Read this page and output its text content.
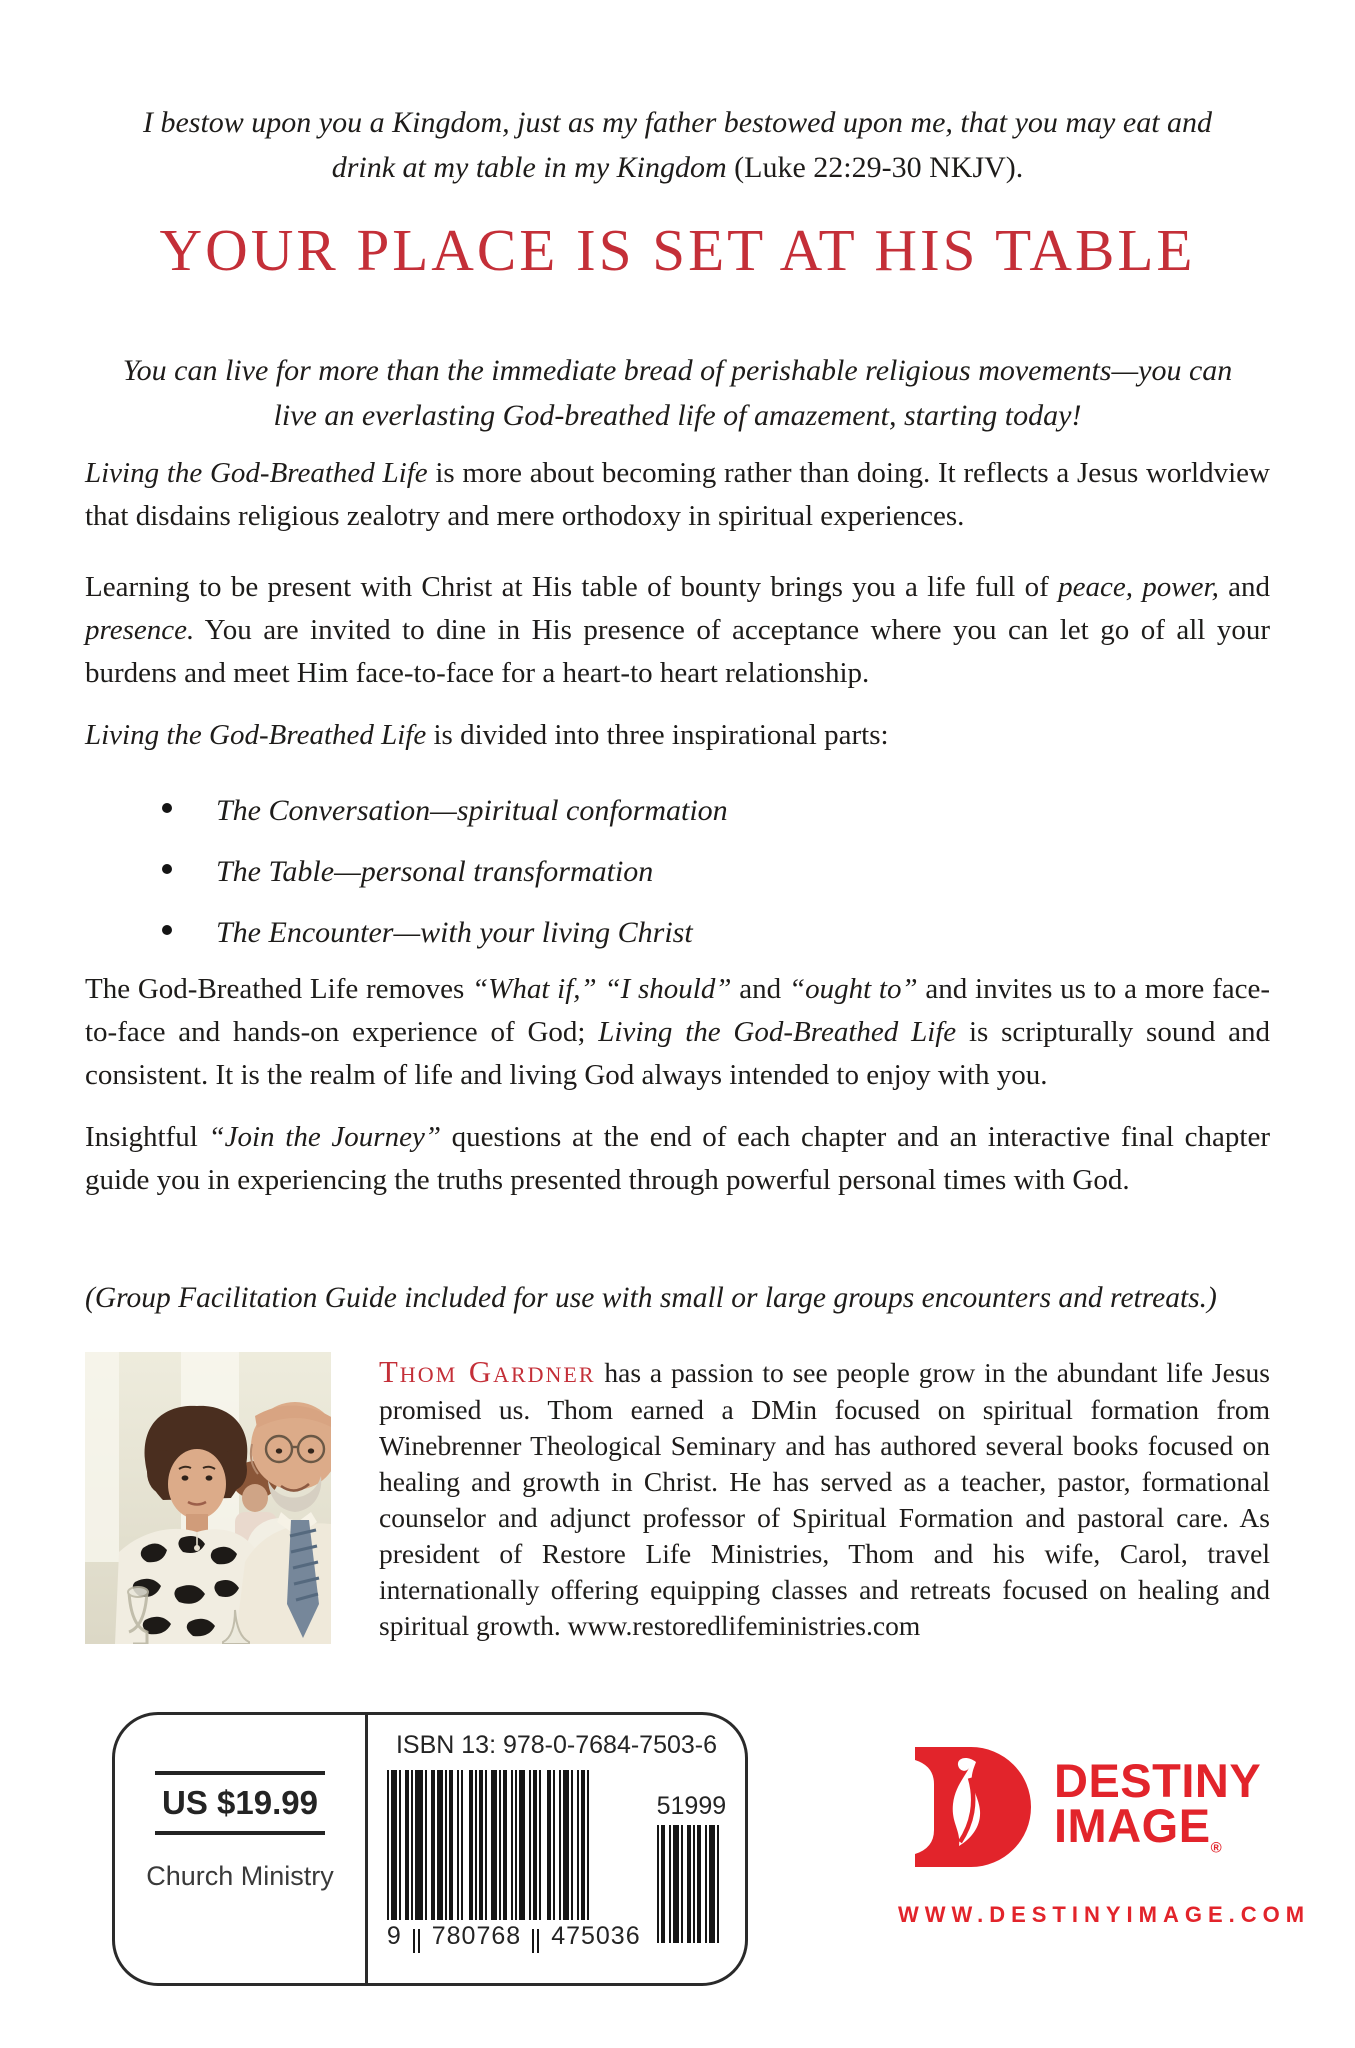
I bestow upon you a Kingdom, just as my father bestowed upon me, that you may eat and drink at my table in my Kingdom (Luke 22:29-30 NKJV).

YOUR PLACE IS SET AT HIS TABLE

You can live for more than the immediate bread of perishable religious movements—you can live an everlasting God-breathed life of amazement, starting today!

Living the God-Breathed Life is more about becoming rather than doing. It reflects a Jesus worldview that disdains religious zealotry and mere orthodoxy in spiritual experiences.

Learning to be present with Christ at His table of bounty brings you a life full of peace, power, and presence. You are invited to dine in His presence of acceptance where you can let go of all your burdens and meet Him face-to-face for a heart-to heart relationship.

Living the God-Breathed Life is divided into three inspirational parts:

The Conversation—spiritual conformation
The Table—personal transformation
The Encounter—with your living Christ

The God-Breathed Life removes “What if,” “I should” and “ought to” and invites us to a more face-to-face and hands-on experience of God; Living the God-Breathed Life is scripturally sound and consistent. It is the realm of life and living God always intended to enjoy with you.

Insightful “Join the Journey” questions at the end of each chapter and an interactive final chapter guide you in experiencing the truths presented through powerful personal times with God.

(Group Facilitation Guide included for use with small or large groups encounters and retreats.)

Thom Gardner has a passion to see people grow in the abundant life Jesus promised us. Thom earned a DMin focused on spiritual formation from Winebrenner Theological Seminary and has authored several books focused on healing and growth in Christ. He has served as a teacher, pastor, formational counselor and adjunct professor of Spiritual Formation and pastoral care. As president of Restore Life Ministries, Thom and his wife, Carol, travel internationally offering equipping classes and retreats focused on healing and spiritual growth. www.restoredlifeministries.com

US $19.99
Church Ministry
ISBN 13: 978-0-7684-7503-6
9 780768 475036
51999	DESTINY
$IMAGE_®$
WWW.DESTINYIMAGE.COM
